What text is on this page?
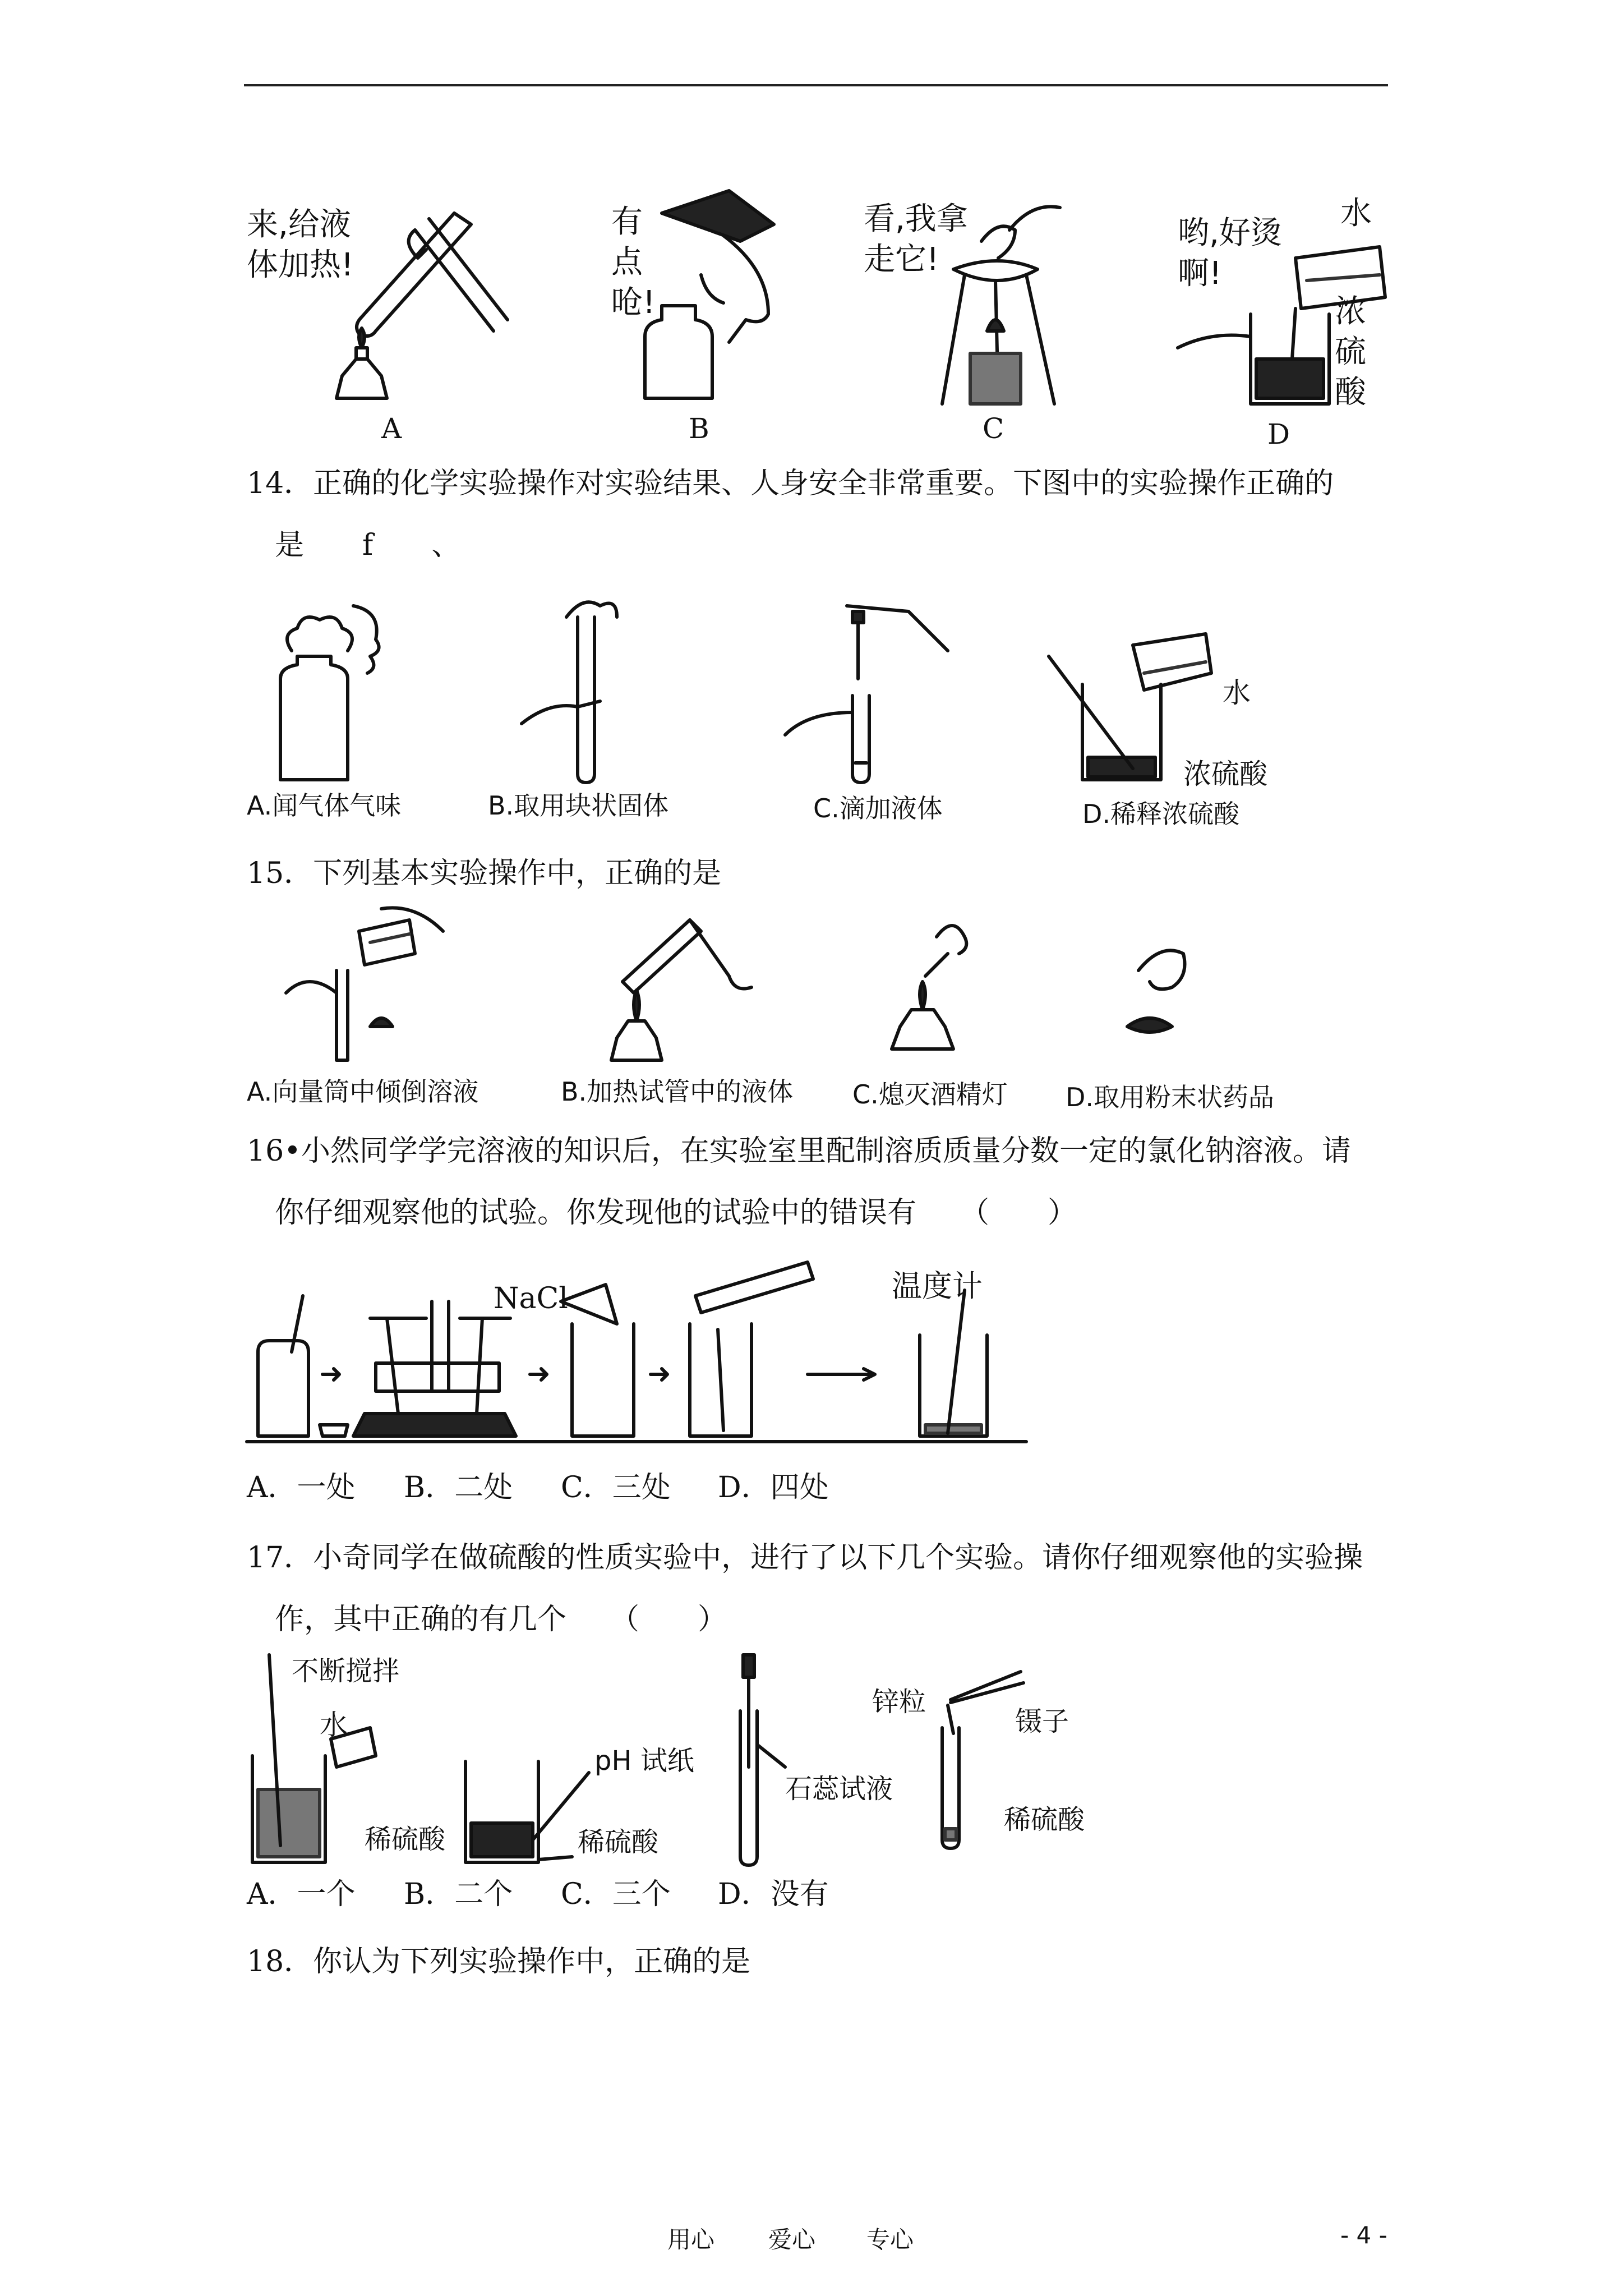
来,给液体加热!
A
有点呛!
B
看,我拿走它!
C
哟,好烫啊!
水
浓硫酸
D
14．正确的化学实验操作对实验结果、人身安全非常重要。下图中的实验操作正确的
是　　f　　、
水
浓硫酸
A.闻气体气味	B.取用块状固体	C.滴加液体	D.稀释浓硫酸
15．下列基本实验操作中，正确的是
A.向量筒中倾倒溶液	B.加热试管中的液体 C.熄灭酒精灯 D.取用粉末状药品
16•小然同学学完溶液的知识后，在实验室里配制溶质质量分数一定的氯化钠溶液。请
你仔细观察他的试验。你发现他的试验中的错误有　　（　　）
NaCl	温度计
A．一处 B．二处 C．三处 D．四处
17．小奇同学在做硫酸的性质实验中，进行了以下几个实验。请你仔细观察他的实验操
作，其中正确的有几个　　（　　）
不断搅拌
水
稀硫酸
pH 试纸
稀硫酸
石蕊试液
锌粒
镊子
稀硫酸
A．一个 B．二个 C．三个 D．没有
18．你认为下列实验操作中，正确的是
用心 爱心 专心	- 4 -
